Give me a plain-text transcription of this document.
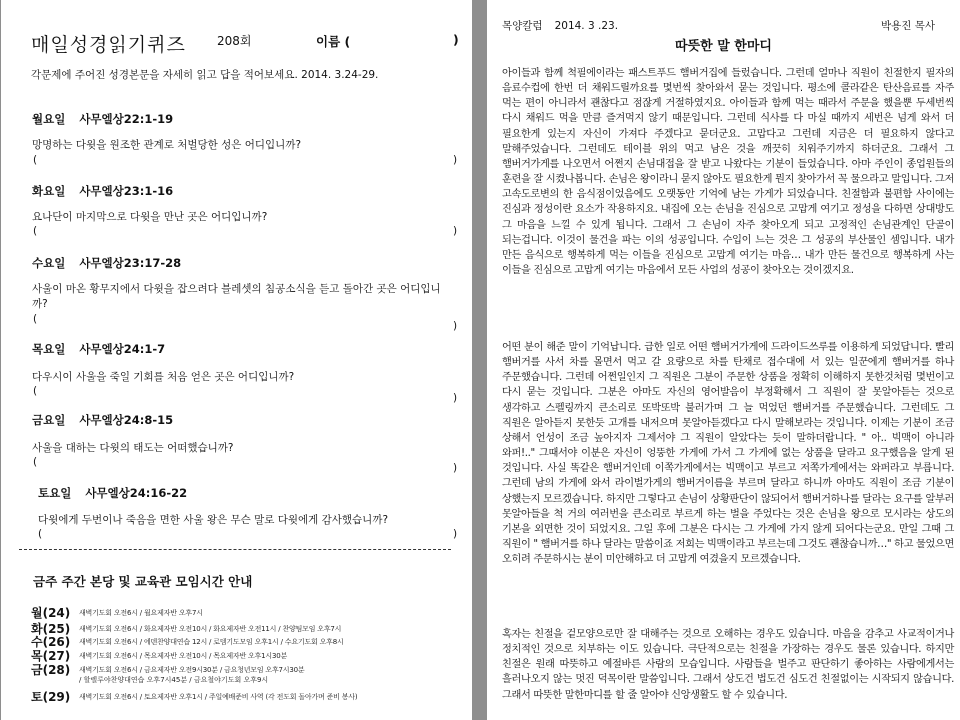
매일성경읽기퀴즈	208회	이름 (	)
각문제에 주어진 성경본문을 자세히 읽고 답을 적어보세요. 2014. 3.24-29.
월요일 사무엘상22:1-19
망명하는 다윗을 원조한 관계로 처벌당한 성은 어디입니까?
(	)
화요일 사무엘상23:1-16
요나단이 마지막으로 다윗을 만난 곳은 어디입니까?
(	)
수요일 사무엘상23:17-28
사울이 마온 황무지에서 다윗을 잡으려다 블레셋의 침공소식을 듣고 돌아간 곳은 어디입니까?
(
)
목요일 사무엘상24:1-7
다우시이 사울을 죽일 기회를 처음 얻은 곳은 어디입니까?
(
)
금요일 사무엘상24:8-15
사울을 대하는 다윗의 태도는 어떠했습니까?
(	)
토요일 사무엘상24:16-22
다윗에게 두번이나 죽음을 면한 사울 왕은 무슨 말로 다윗에게 감사했습니까?
(	)
금주 주간 본당 및 교육관 모임시간 안내
월(24) 새벽기도회 오전6시 / 월요제자반 오후7시
화(25) 새벽기도회 오전6시 / 화요제자반 오전10시 / 화요제자반 오전11시 / 찬양팀모임 오후7시
수(26) 새벽기도회 오전6시 / 에덴찬양대연습 12시 / 로뎀기도모임 오후1시 / 수요기도회 오후8시
목(27) 새벽기도회 오전6시 / 목요제자반 오전10시 / 목요제자반 오후1시30분
금(28) 새벽기도회 오전6시 / 금요제자반 오전9시30분 / 금요청년모임 오후7시30분
/ 할렐루야찬양대연습 오후7시45분 / 금요철야기도회 오후9시
토(29) 새벽기도회 오전6시 / 토요제자반 오후1시 / 주일예배준비 사역 (각 전도회 돌아가며 준비 봉사)
목양칼럼 2014. 3 .23.	박용진 목사
따뜻한 말 한마디
아이들과 함께 척필에이라는 패스트푸드 햄버거집에 들렀습니다. 그런데 얼마나 직원이 친절한지 필자의 음료수컵에 한번 더 채워드릴까요를 몇번씩 찾아와서 묻는 것입니다. 평소에 콜라같은 탄산음료를 자주 먹는 편이 아니라서 괜찮다고 점잖게 거절하였지요. 아이들과 함께 먹는 때라서 주문을 했을뿐 두세번씩 다시 채워드 먹을 만큼 즐겨먹지 않기 때문입니다. 그런데 식사를 다 마실 때까지 세번은 넘게 와서 더 필요한게 있는지 자신이 가져다 주겠다고 묻더군요. 고맙다고 그런데 지금은 더 필요하지 않다고 말해주었습니다. 그런데도 테이블 위의 먹고 남은 것을 깨끗히 치워주기까지 하더군요. 그래서 그 햄버거가게를 나오면서 어쩐지 손님대접을 잘 받고 나왔다는 기분이 들었습니다. 아마 주인이 종업원들의 훈련을 잘 시켰나봅니다. 손님은 왕이라니 묻지 않아도 필요한게 뭔지 찾아가서 꼭 물으라고 말입니다. 그저 고속도로변의 한 음식점이었음에도 오랫동안 기억에 남는 가게가 되었습니다. 친절함과 불편함 사이에는 진심과 정성이란 요소가 작용하지요. 내집에 오는 손님을 진심으로 고맙게 여기고 정성을 다하면 상대방도 그 마음을 느낄 수 있게 됩니다. 그래서 그 손님이 자주 찾아오게 되고 고정적인 손님관계인 단골이 되는겁니다. 이것이 물건을 파는 이의 성공입니다. 수입이 느는 것은 그 성공의 부산물인 셈입니다. 내가 만든 음식으로 행복하게 먹는 이들을 진심으로 고맙게 여기는 마음… 내가 만든 물건으로 행복하게 사는 이들을 진심으로 고맙게 여기는 마음에서 모든 사업의 성공이 찾아오는 것이겠지요.
어떤 분이 해준 말이 기억납니다. 급한 일로 어떤 햄버거가게에 드라이드쓰루를 이용하게 되었답니다. 빨리 햄버거를 사서 차를 몰면서 먹고 갈 요량으로 차를 탄채로 접수대에 서 있는 일꾼에게 햄버거를 하나 주문했습니다. 그런데 어쩐일인지 그 직원은 그분이 주문한 상품을 정확히 이해하지 못한것처럼 몇번이고 다시 묻는 것입니다. 그분은 아마도 자신의 영어발음이 부정확해서 그 직원이 잘 못알아듣는 것으로 생각하고 스펠링까지 큰소리로 또박또박 불러가며 그 늘 먹었던 햄버거를 주문했습니다. 그런데도 그 직원은 알아듣지 못한듯 고개를 내저으며 못알아듣겠다고 다시 말해보라는 것입니다. 이제는 기분이 조금 상해서 언성이 조금 높아지자 그제서야 그 직원이 알았다는 듯이 말하더랍니다. " 아.. 빅맥이 아니라 와퍼!.." 그때서야 이분은 자신이 엉뚱한 가게에 가서 그 가게에 없는 상품을 달라고 요구했음을 알게 된 것입니다. 사실 똑같은 햄버거인데 이쪽가게에서는 빅맥이고 부르고 저쪽가게에서는 와퍼라고 부릅니다. 그런데 남의 가게에 와서 라이벌가게의 햄버거이름을 부르며 달라고 하니까 아마도 직원이 조금 기분이 상했는지 모르겠습니다. 하지만 그렇다고 손님이 상황판단이 않되어서 햄버거하나를 달라는 요구를 알부러 못알아들을 척 거의 여러번을 큰소리로 부르게 하는 벌을 주었다는 것은 손님을 왕으로 모시라는 상도의 기본을 외면한 것이 되었지요. 그일 후에 그분은 다시는 그 가게에 가지 않게 되어다는군요. 만일 그때 그 직원이 " 햄버거를 하나 달라는 말씀이죠 저희는 빅맥이라고 부르는데 그것도 괜찮습니까…" 하고 물었으면 오히려 주문하시는 분이 미안해하고 더 고맙게 여겼을지 모르겠습니다.
혹자는 친절을 겉모양으로만 잘 대해주는 것으로 오해하는 경우도 있습니다. 마음을 감추고 사교적이거나 정치적인 것으로 치부하는 이도 있습니다. 극단적으로는 친절을 가장하는 경우도 물론 있습니다. 하지만 친절은 원래 따뜻하고 예절바른 사람의 모습입니다. 사람들을 벌주고 판단하기 좋아하는 사람에게서는 흘러나오지 않는 멋진 덕목이란 말씀입니다. 그래서 상도건 법도건 심도건 친절없이는 시작되지 않습니다. 그래서 따뜻한 말한마디를 할 줄 알아야 신앙생활도 할 수 있습니다.
